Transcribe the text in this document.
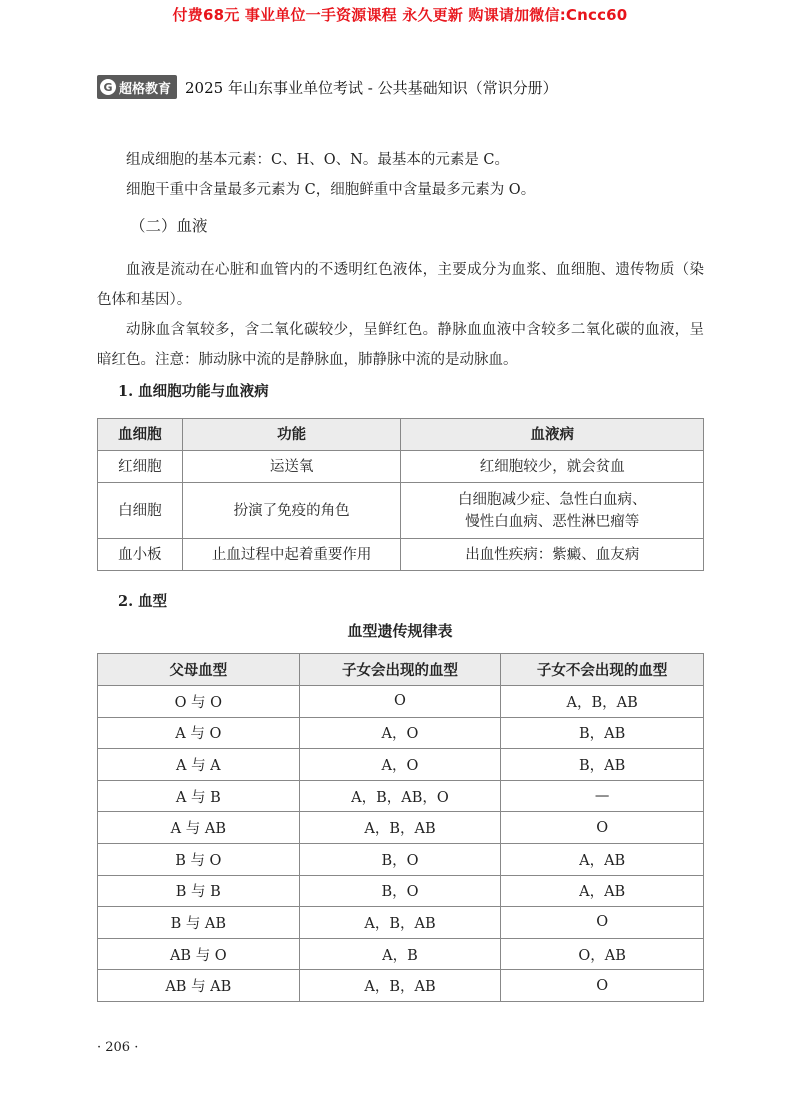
付费68元 事业单位一手资源课程 永久更新 购课请加微信:Cncc60
G 超格教育 2025 年山东事业单位考试 - 公共基础知识（常识分册）

组成细胞的基本元素：C、H、O、N。最基本的元素是 C。

细胞干重中含量最多元素为 C，细胞鲜重中含量最多元素为 O。

（二）血液

血液是流动在心脏和血管内的不透明红色液体，主要成分为血浆、血细胞、遗传物质（染色体和基因）。

动脉血含氧较多，含二氧化碳较少，呈鲜红色。静脉血血液中含较多二氧化碳的血液，呈暗红色。注意：肺动脉中流的是静脉血，肺静脉中流的是动脉血。

1. 血细胞功能与血液病

血细胞	功能	血液病
红细胞	运送氧	红细胞较少，就会贫血
白细胞	扮演了免疫的角色	白细胞减少症、急性白血病、
慢性白血病、恶性淋巴瘤等

血小板	止血过程中起着重要作用	出血性疾病：紫癜、血友病

2. 血型

血型遗传规律表
父母血型	子女会出现的血型	子女不会出现的血型
O 与 O	O	A，B，AB
A 与 O	A，O	B，AB
A 与 A	A，O	B，AB
A 与 B	A，B，AB，O	—
A 与 AB	A，B，AB	O
B 与 O	B，O	A，AB
B 与 B	B，O	A，AB
B 与 AB	A，B，AB	O
AB 与 O	A，B	O，AB
AB 与 AB	A，B，AB	O
· 206 ·
